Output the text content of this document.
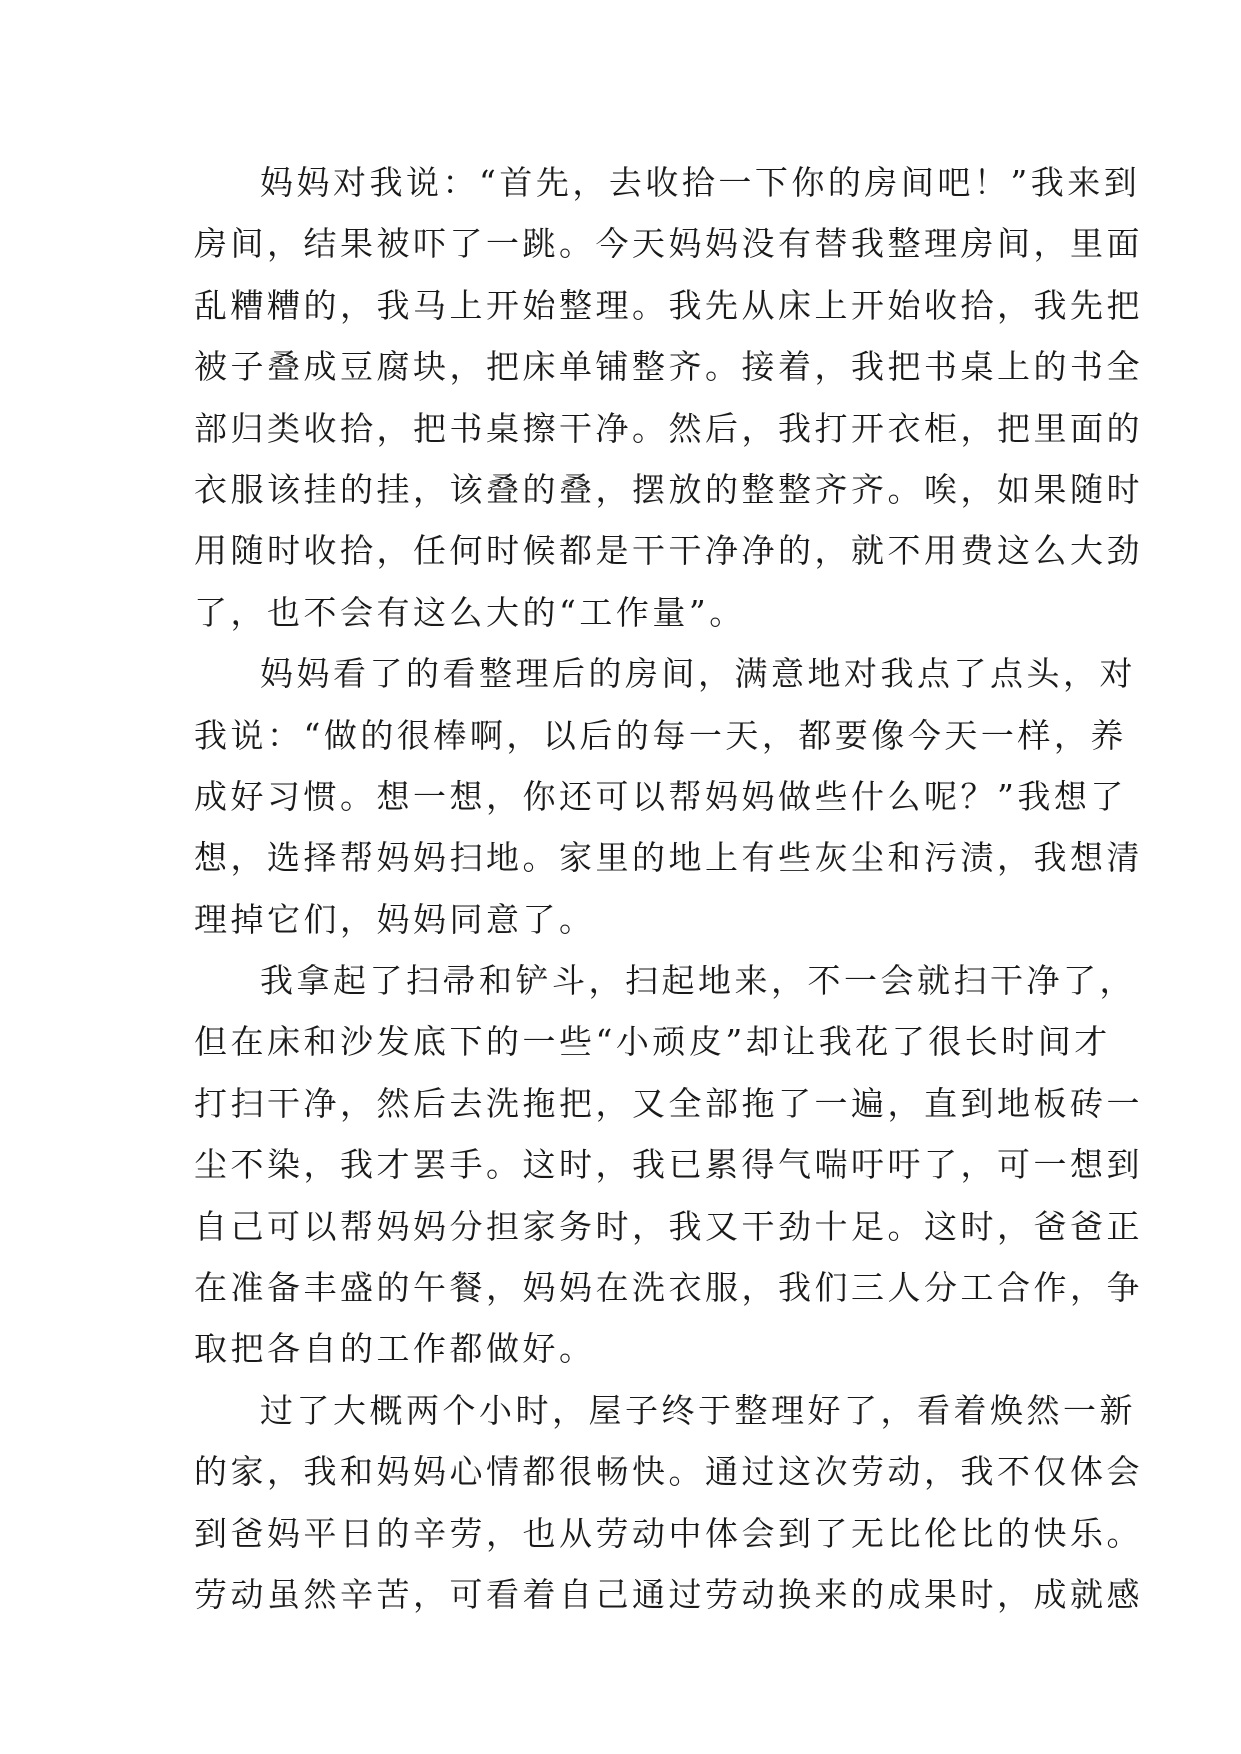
妈妈对我说：“首先，去收拾一下你的房间吧！”我来到
房间，结果被吓了一跳。今天妈妈没有替我整理房间，里面
乱糟糟的，我马上开始整理。我先从床上开始收拾，我先把
被子叠成豆腐块，把床单铺整齐。接着，我把书桌上的书全
部归类收拾，把书桌擦干净。然后，我打开衣柜，把里面的
衣服该挂的挂，该叠的叠，摆放的整整齐齐。唉，如果随时
用随时收拾，任何时候都是干干净净的，就不用费这么大劲
了，也不会有这么大的“工作量”。
妈妈看了的看整理后的房间，满意地对我点了点头，对
我说：“做的很棒啊，以后的每一天，都要像今天一样，养
成好习惯。想一想，你还可以帮妈妈做些什么呢？”我想了
想，选择帮妈妈扫地。家里的地上有些灰尘和污渍，我想清
理掉它们，妈妈同意了。
我拿起了扫帚和铲斗，扫起地来，不一会就扫干净了，
但在床和沙发底下的一些“小顽皮”却让我花了很长时间才
打扫干净，然后去洗拖把，又全部拖了一遍，直到地板砖一
尘不染，我才罢手。这时，我已累得气喘吁吁了，可一想到
自己可以帮妈妈分担家务时，我又干劲十足。这时，爸爸正
在准备丰盛的午餐，妈妈在洗衣服，我们三人分工合作，争
取把各自的工作都做好。
过了大概两个小时，屋子终于整理好了，看着焕然一新
的家，我和妈妈心情都很畅快。通过这次劳动，我不仅体会
到爸妈平日的辛劳，也从劳动中体会到了无比伦比的快乐。
劳动虽然辛苦，可看着自己通过劳动换来的成果时，成就感
